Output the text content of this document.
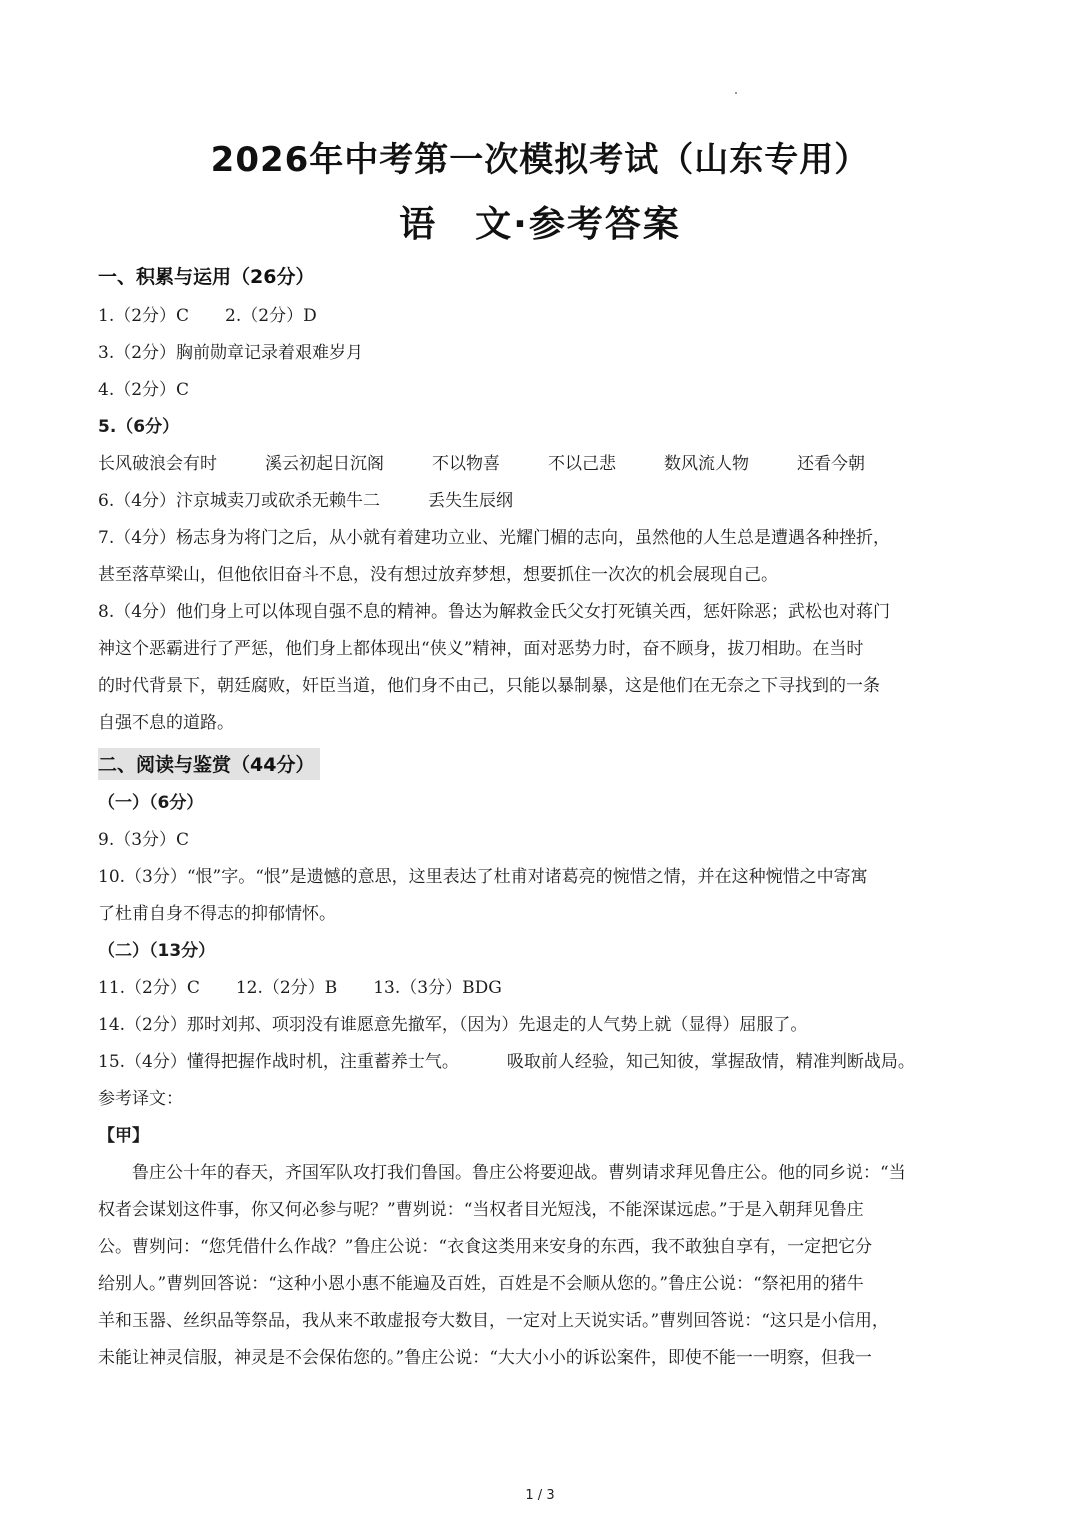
2026年中考第一次模拟考试（山东专用）
语　文·参考答案
一、积累与运用（26分）
1.（2分）C 2.（2分）D
3.（2分）胸前勋章记录着艰难岁月
4.（2分）C
5.（6分）
长风破浪会有时	溪云初起日沉阁	不以物喜	不以己悲	数风流人物	还看今朝
6.（4分）汴京城卖刀或砍杀无赖牛二	丢失生辰纲
7.（4分）杨志身为将门之后，从小就有着建功立业、光耀门楣的志向，虽然他的人生总是遭遇各种挫折，
甚至落草梁山，但他依旧奋斗不息，没有想过放弃梦想，想要抓住一次次的机会展现自己。
8.（4分）他们身上可以体现自强不息的精神。鲁达为解救金氏父女打死镇关西，惩奸除恶；武松也对蒋门
神这个恶霸进行了严惩，他们身上都体现出“侠义”精神，面对恶势力时，奋不顾身，拔刀相助。在当时
的时代背景下，朝廷腐败，奸臣当道，他们身不由己，只能以暴制暴，这是他们在无奈之下寻找到的一条
自强不息的道路。
二、阅读与鉴赏（44分）
（一）（6分）
9.（3分）C
10.（3分）“恨”字。“恨”是遗憾的意思，这里表达了杜甫对诸葛亮的惋惜之情，并在这种惋惜之中寄寓
了杜甫自身不得志的抑郁情怀。
（二）（13分）
11.（2分）C 12.（2分）B 13.（3分）BDG
14.（2分）那时刘邦、项羽没有谁愿意先撤军，（因为）先退走的人气势上就（显得）屈服了。
15.（4分）懂得把握作战时机，注重蓄养士气。	吸取前人经验，知己知彼，掌握敌情，精准判断战局。
参考译文：
【甲】
鲁庄公十年的春天，齐国军队攻打我们鲁国。鲁庄公将要迎战。曹刿请求拜见鲁庄公。他的同乡说：“当
权者会谋划这件事，你又何必参与呢？”曹刿说：“当权者目光短浅，不能深谋远虑。”于是入朝拜见鲁庄
公。曹刿问：“您凭借什么作战？”鲁庄公说：“衣食这类用来安身的东西，我不敢独自享有，一定把它分
给别人。”曹刿回答说：“这种小恩小惠不能遍及百姓，百姓是不会顺从您的。”鲁庄公说：“祭祀用的猪牛
羊和玉器、丝织品等祭品，我从来不敢虚报夸大数目，一定对上天说实话。”曹刿回答说：“这只是小信用，
未能让神灵信服，神灵是不会保佑您的。”鲁庄公说：“大大小小的诉讼案件，即使不能一一明察，但我一
1 / 3
